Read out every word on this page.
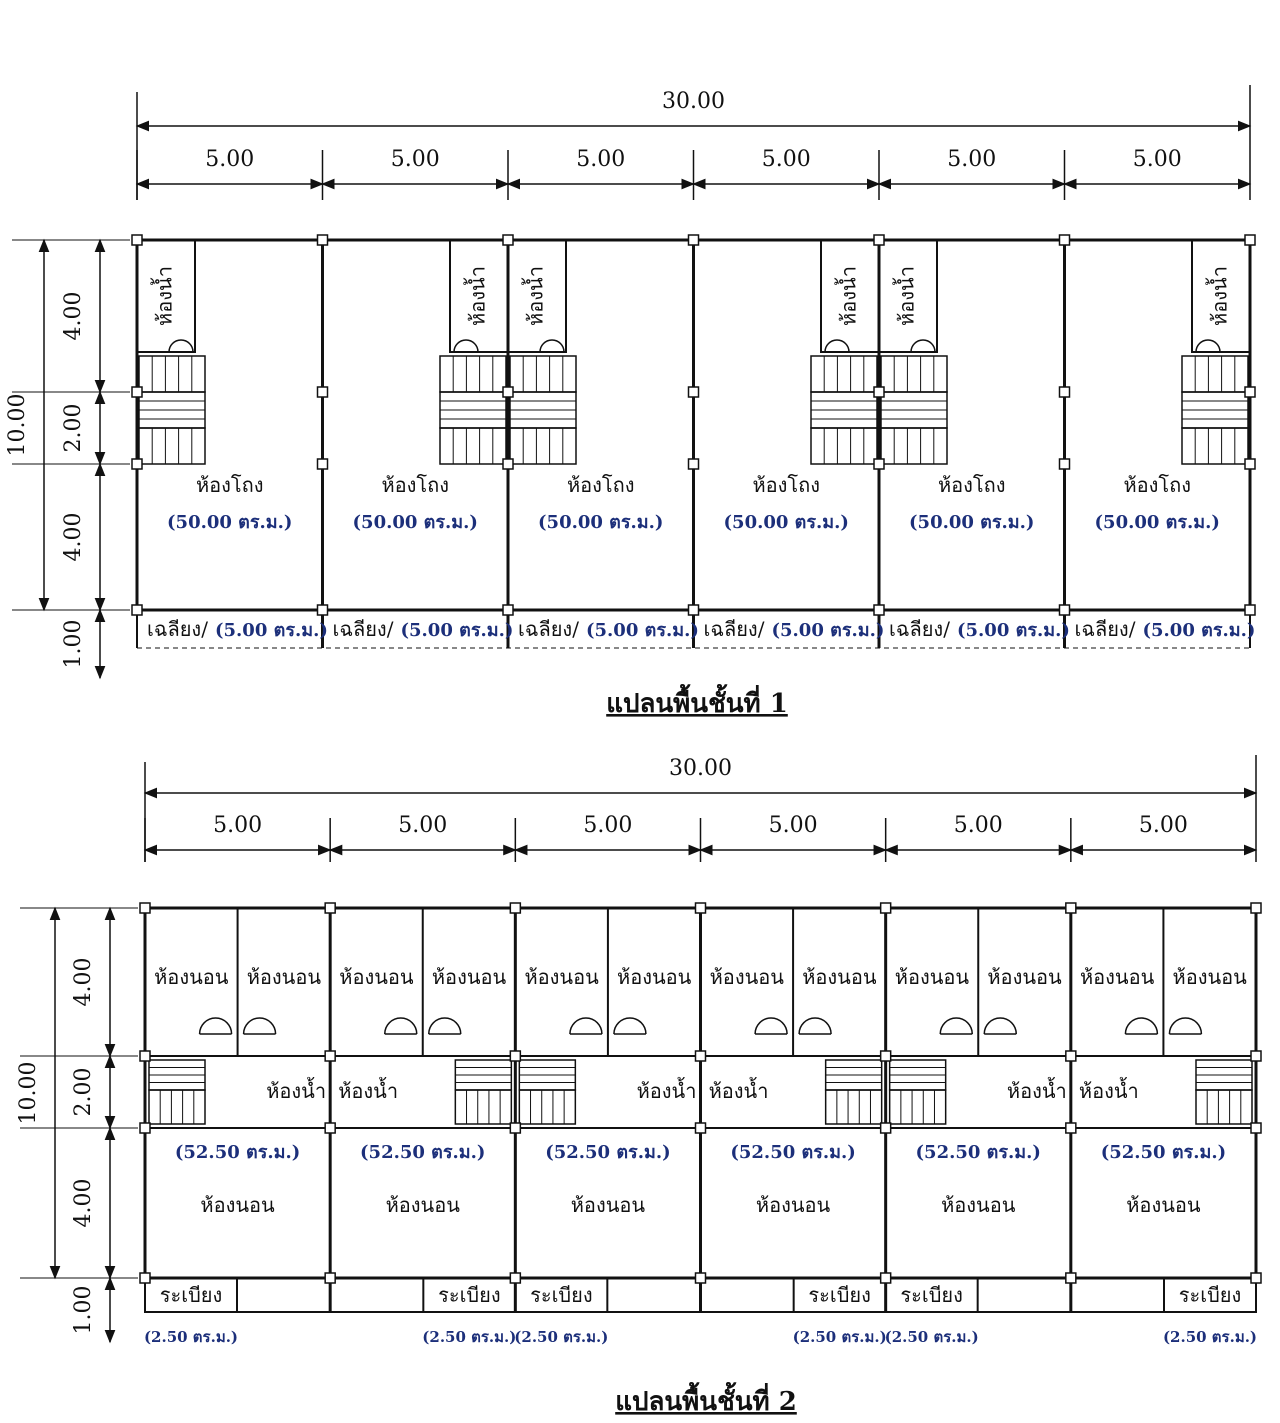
30.00
5.00	5.00	5.00	5.00	5.00	5.00
10.00
4.00
2.00
4.00
1.00
ห้องน้ำ
ห้องโถง
(50.00 ตร.ม.)
เฉลียง/ (5.00 ตร.ม.)
ห้องน้ำ
ห้องโถง
(50.00 ตร.ม.)
เฉลียง/ (5.00 ตร.ม.)
ห้องน้ำ
ห้องโถง
(50.00 ตร.ม.)
เฉลียง/ (5.00 ตร.ม.)
ห้องน้ำ
ห้องโถง
(50.00 ตร.ม.)
เฉลียง/ (5.00 ตร.ม.)
ห้องน้ำ
ห้องโถง
(50.00 ตร.ม.)
เฉลียง/ (5.00 ตร.ม.)
ห้องน้ำ
ห้องโถง
(50.00 ตร.ม.)
เฉลียง/ (5.00 ตร.ม.)
แปลนพื้นชั้นที่ 1
30.00
5.00	5.00	5.00	5.00	5.00	5.00
10.00
4.00
2.00
4.00
1.00
ห้องนอน ห้องนอน
ห้องน้ำ
(52.50 ตร.ม.)
ห้องนอน
ระเบียง
(2.50 ตร.ม.)
ห้องนอน ห้องนอน
ห้องน้ำ
(52.50 ตร.ม.)
ห้องนอน
ระเบียง
(2.50 ตร.ม.)
ห้องนอน ห้องนอน
ห้องน้ำ
(52.50 ตร.ม.)
ห้องนอน
ระเบียง
(2.50 ตร.ม.)
ห้องนอน ห้องนอน
ห้องน้ำ
(52.50 ตร.ม.)
ห้องนอน
ระเบียง
(2.50 ตร.ม.)
ห้องนอน ห้องนอน
ห้องน้ำ
(52.50 ตร.ม.)
ห้องนอน
ระเบียง
(2.50 ตร.ม.)
ห้องนอน ห้องนอน
ห้องน้ำ
(52.50 ตร.ม.)
ห้องนอน
ระเบียง
(2.50 ตร.ม.)
แปลนพื้นชั้นที่ 2
